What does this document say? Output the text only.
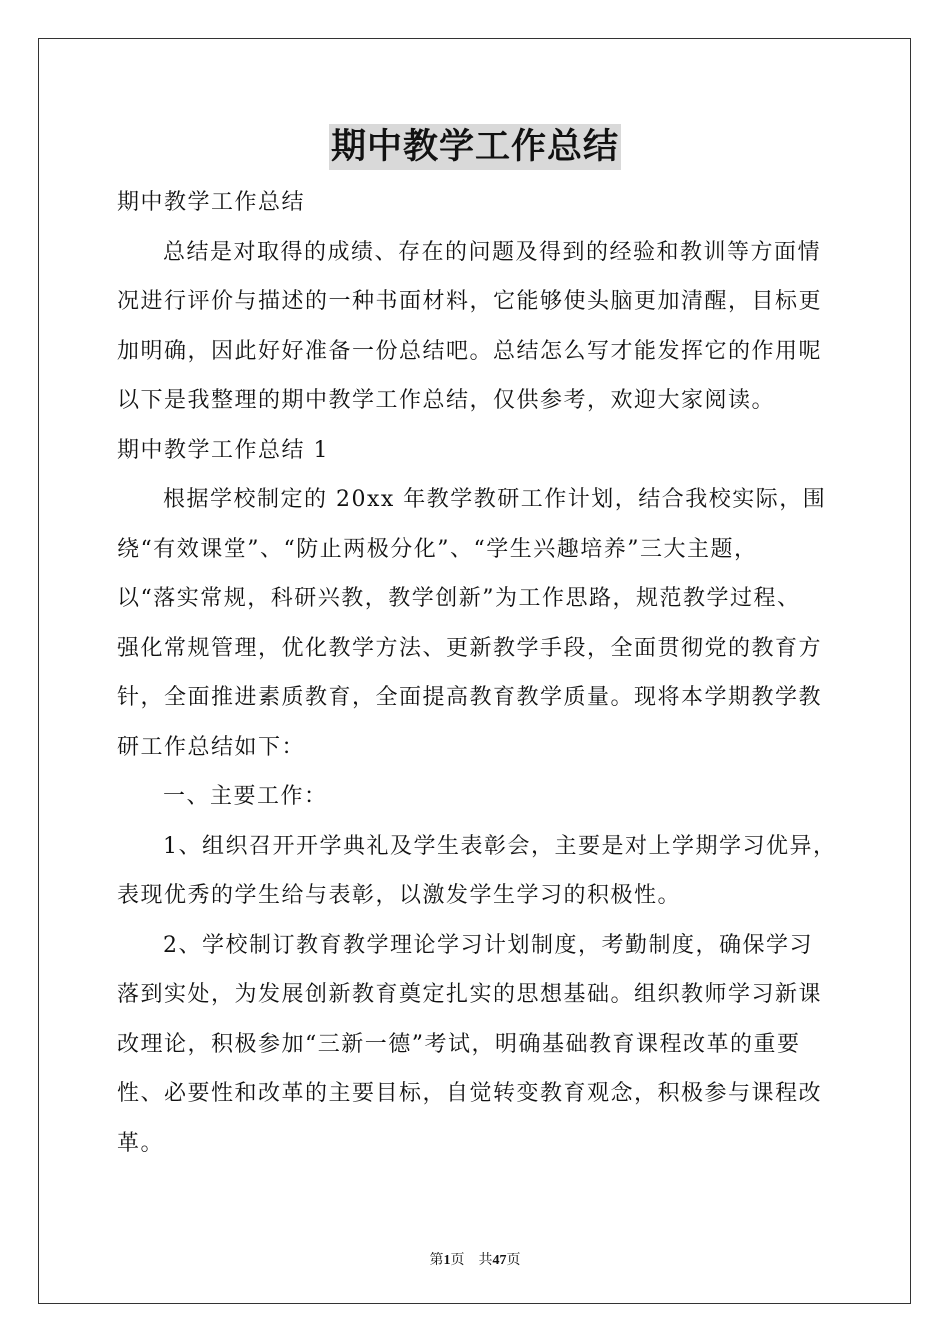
期中教学工作总结
期中教学工作总结
总结是对取得的成绩、存在的问题及得到的经验和教训等方面情
况进行评价与描述的一种书面材料，它能够使头脑更加清醒，目标更
加明确，因此好好准备一份总结吧。总结怎么写才能发挥它的作用呢
以下是我整理的期中教学工作总结，仅供参考，欢迎大家阅读。
期中教学工作总结 1
根据学校制定的 20xx 年教学教研工作计划，结合我校实际，围
绕“有效课堂”、“防止两极分化”、“学生兴趣培养”三大主题，
以“落实常规，科研兴教，教学创新”为工作思路，规范教学过程、
强化常规管理，优化教学方法、更新教学手段，全面贯彻党的教育方
针，全面推进素质教育，全面提高教育教学质量。现将本学期教学教
研工作总结如下：
一、主要工作：
1、组织召开开学典礼及学生表彰会，主要是对上学期学习优异，
表现优秀的学生给与表彰，以激发学生学习的积极性。
2、学校制订教育教学理论学习计划制度，考勤制度，确保学习
落到实处，为发展创新教育奠定扎实的思想基础。组织教师学习新课
改理论，积极参加“三新一德”考试，明确基础教育课程改革的重要
性、必要性和改革的主要目标，自觉转变教育观念，积极参与课程改
革。
第1页 共47页
